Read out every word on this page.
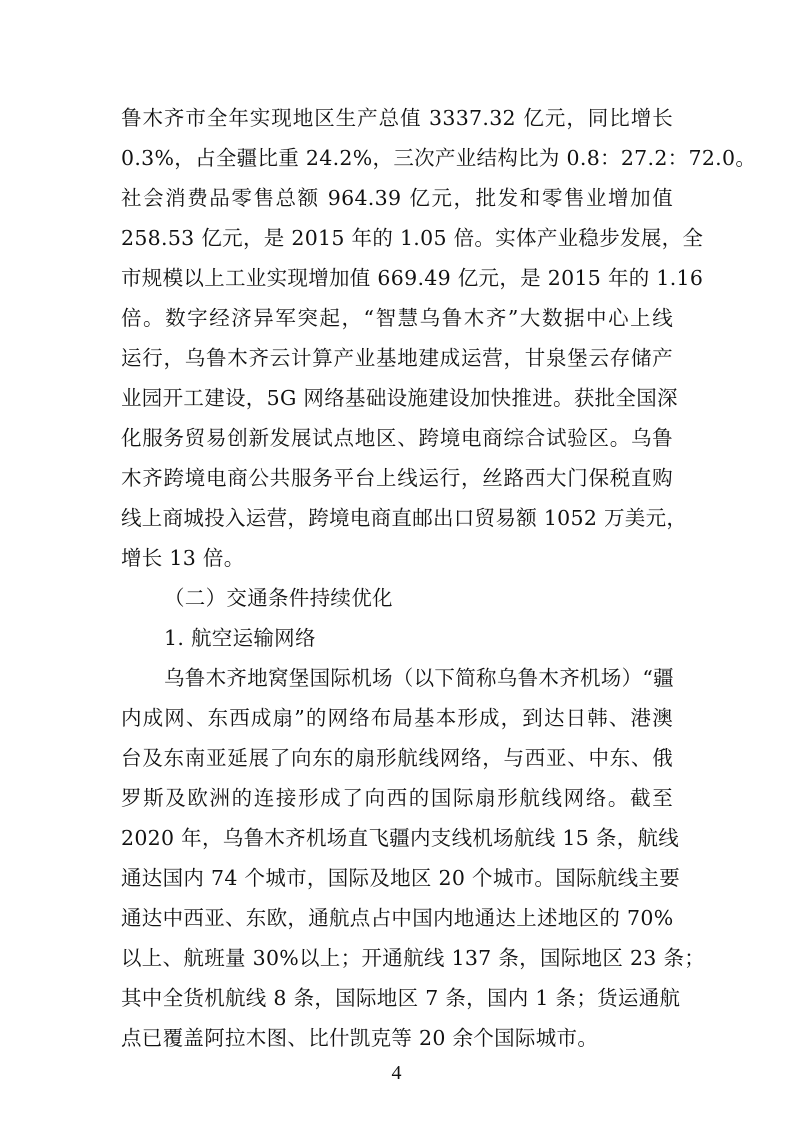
鲁木齐市全年实现地区生产总值 3337.32 亿元，同比增长
0.3%，占全疆比重 24.2%，三次产业结构比为 0.8：27.2：72.0。
社会消费品零售总额 964.39 亿元，批发和零售业增加值
258.53 亿元，是 2015 年的 1.05 倍。实体产业稳步发展，全
市规模以上工业实现增加值 669.49 亿元，是 2015 年的 1.16
倍。数字经济异军突起，“智慧乌鲁木齐”大数据中心上线
运行，乌鲁木齐云计算产业基地建成运营，甘泉堡云存储产
业园开工建设，5G 网络基础设施建设加快推进。获批全国深
化服务贸易创新发展试点地区、跨境电商综合试验区。乌鲁
木齐跨境电商公共服务平台上线运行，丝路西大门保税直购
线上商城投入运营，跨境电商直邮出口贸易额 1052 万美元，
增长 13 倍。
（二）交通条件持续优化
1. 航空运输网络
乌鲁木齐地窝堡国际机场（以下简称乌鲁木齐机场）“疆
内成网、东西成扇”的网络布局基本形成，到达日韩、港澳
台及东南亚延展了向东的扇形航线网络，与西亚、中东、俄
罗斯及欧洲的连接形成了向西的国际扇形航线网络。截至
2020 年，乌鲁木齐机场直飞疆内支线机场航线 15 条，航线
通达国内 74 个城市，国际及地区 20 个城市。国际航线主要
通达中西亚、东欧，通航点占中国内地通达上述地区的 70%
以上、航班量 30%以上；开通航线 137 条，国际地区 23 条；
其中全货机航线 8 条，国际地区 7 条，国内 1 条；货运通航
点已覆盖阿拉木图、比什凯克等 20 余个国际城市。
4
